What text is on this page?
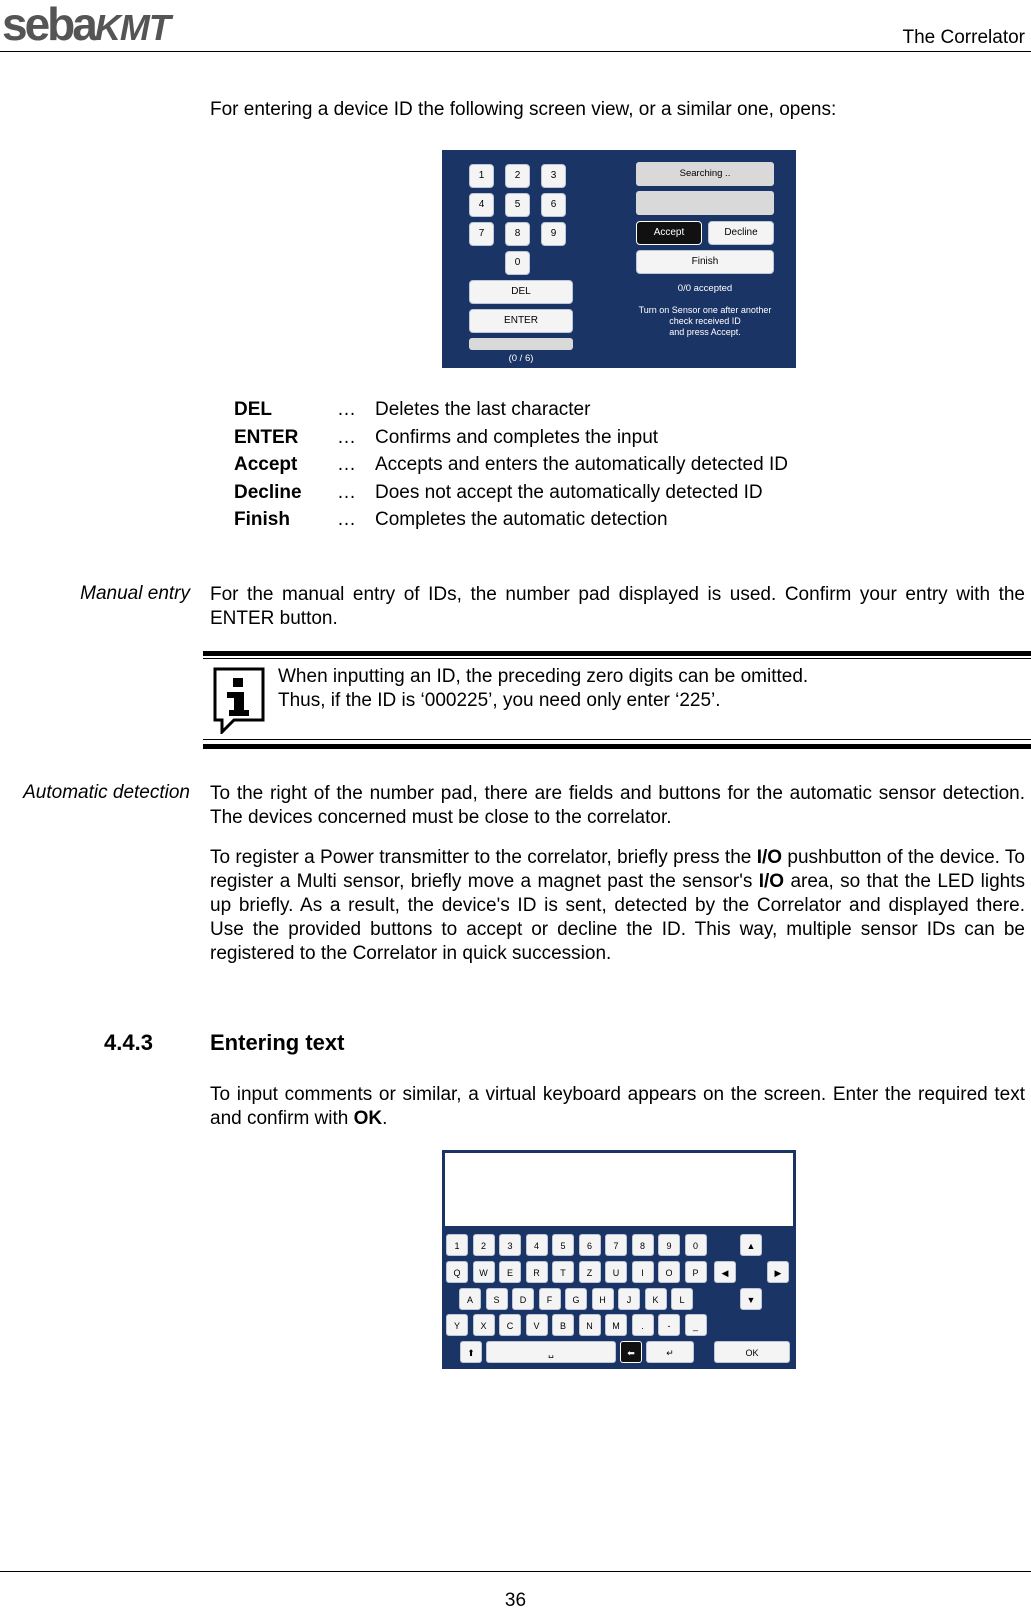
sebaKMT	The Correlator
For entering a device ID the following screen view, or a similar one, opens:
1	2	3
4	5	6
7	8	9
0
DEL
ENTER
(0 / 6)
Searching ..
Accept	Decline
Finish
0/0 accepted
Turn on Sensor one after another
check received ID
and press Accept.
DEL	…	Deletes the last character
ENTER	…	Confirms and completes the input
Accept	…	Accepts and enters the automatically detected ID
Decline	…	Does not accept the automatically detected ID
Finish	…	Completes the automatic detection
Manual entry For the manual entry of IDs, the number pad displayed is used. Confirm your entry with the ENTER button.
When inputting an ID, the preceding zero digits can be omitted.
Thus, if the ID is ‘000225’, you need only enter ‘225’.
Automatic detection To the right of the number pad, there are fields and buttons for the automatic sensor detection. The devices concerned must be close to the correlator.
To register a Power transmitter to the correlator, briefly press the I/O pushbutton of the device. To register a Multi sensor, briefly move a magnet past the sensor's I/O area, so that the LED lights up briefly. As a result, the device's ID is sent, detected by the Correlator and displayed there. Use the provided buttons to accept or decline the ID. This way, multiple sensor IDs can be registered to the Correlator in quick succession.
4.4.3	Entering text
To input comments or similar, a virtual keyboard appears on the screen. Enter the required text and confirm with OK.
1	2	3	4	5	6	7	8	9	0
Q	W	E	R	T	Z	U	I	O	P
A	S	D	F	G	H	J	K	L
Y	X	C	V	B	N	M	.	-	_
▲
◀	▶
▼
⬆	␣	⬅	↵	OK
36
